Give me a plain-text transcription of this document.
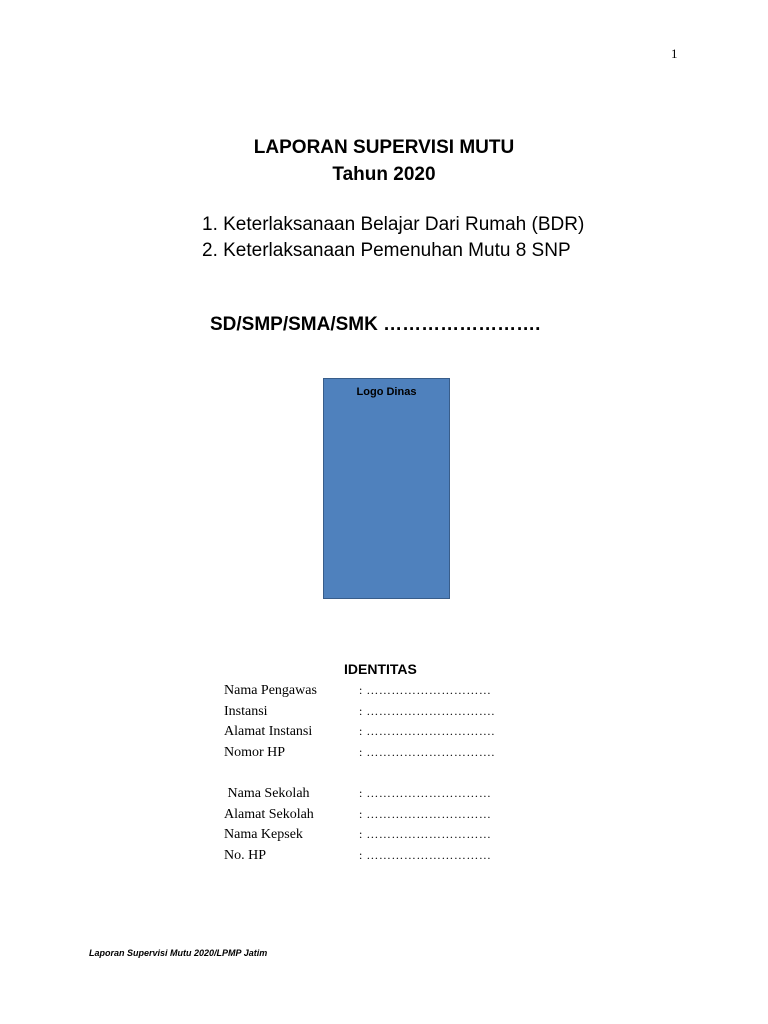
1
LAPORAN SUPERVISI MUTU
Tahun 2020
1. Keterlaksanaan Belajar Dari Rumah (BDR)
2. Keterlaksanaan Pemenuhan Mutu 8 SNP
SD/SMP/SMA/SMK …………………….
Logo Dinas
IDENTITAS
Nama Pengawas	: …………………………
Instansi	: ………………………….
Alamat Instansi	: ………………………….
Nomor HP	: ………………………….
Nama Sekolah	: …………………………
Alamat Sekolah	: …………………………
Nama Kepsek	: …………………………
No. HP	: …………………………
Laporan Supervisi Mutu 2020/LPMP Jatim
